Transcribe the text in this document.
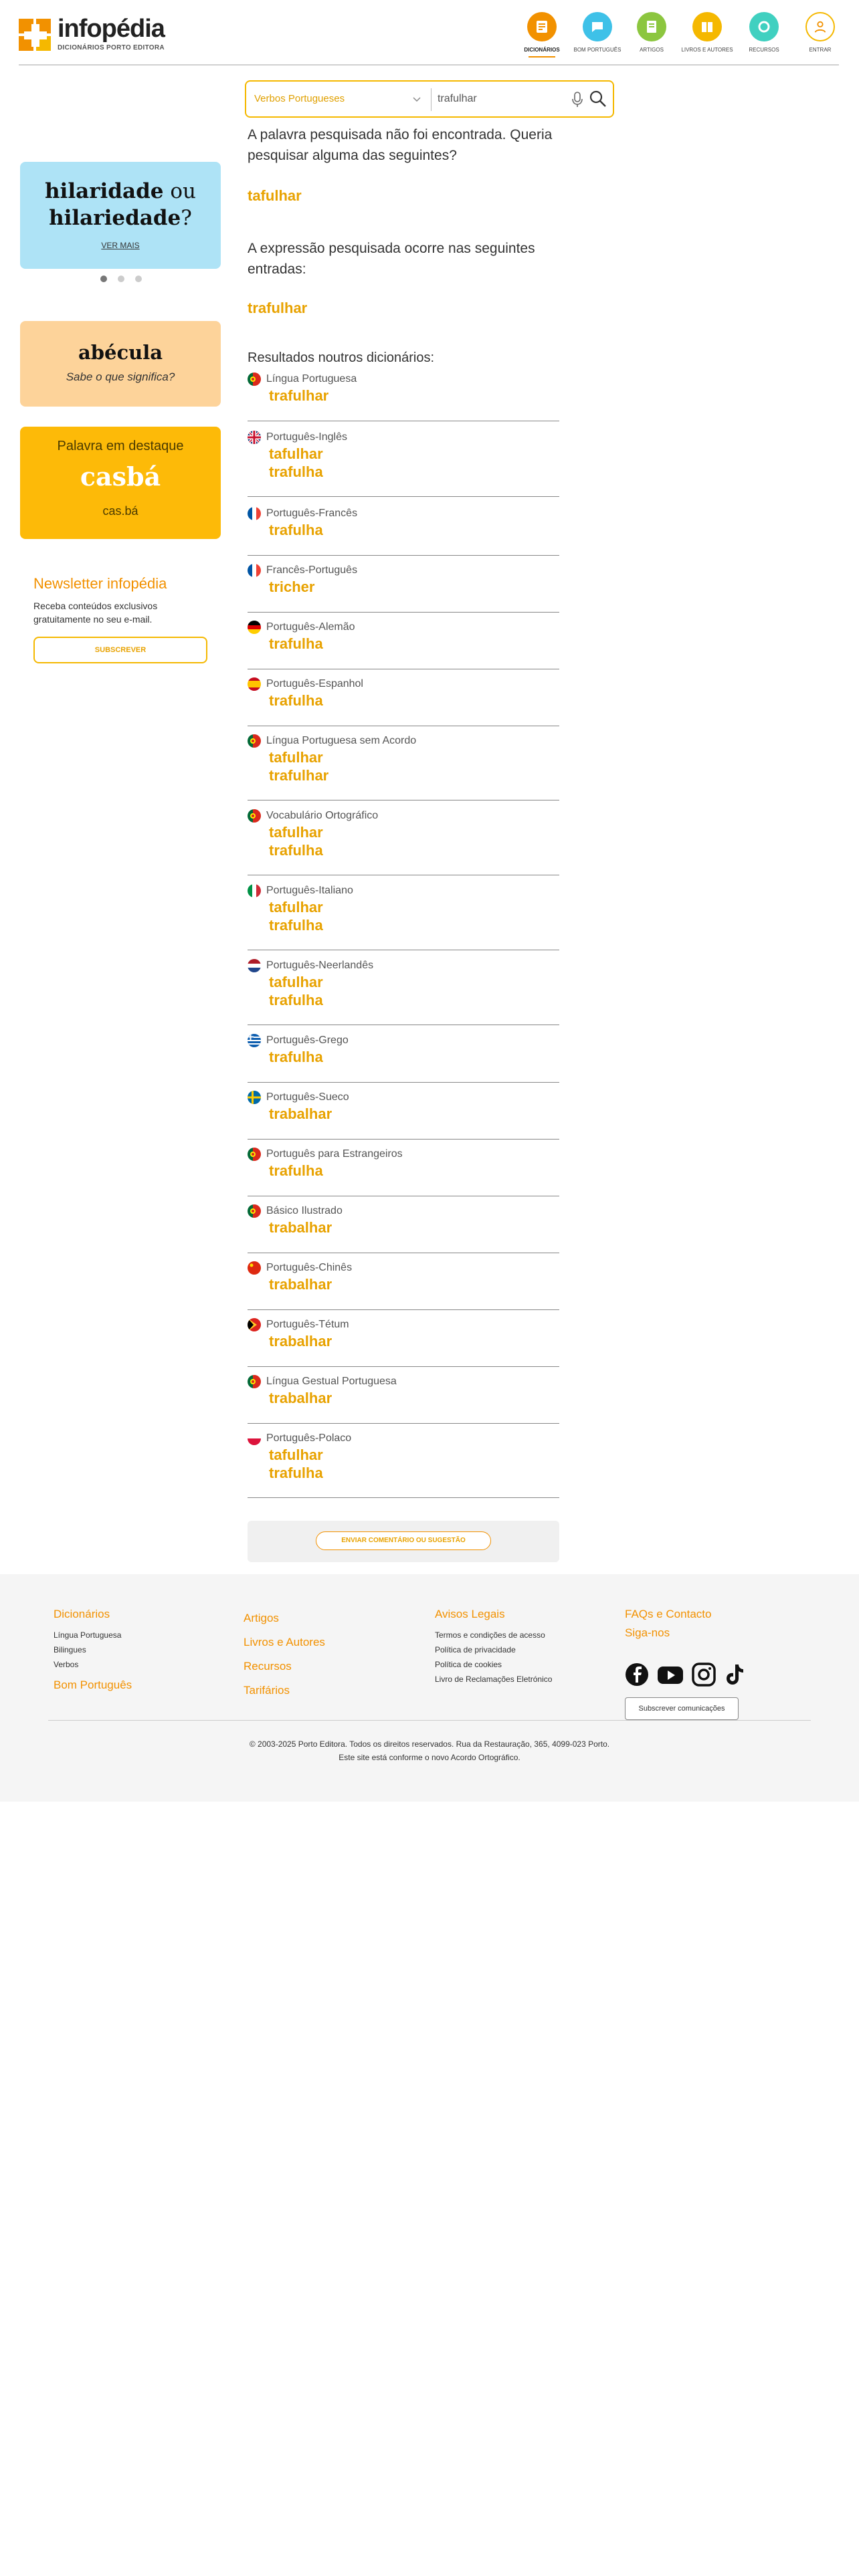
infopédia
DICIONÁRIOS PORTO EDITORA	DICIONÁRIOS	BOM PORTUGUÊS	ARTIGOS	LIVROS E AUTORES	RECURSOS	ENTRAR
Verbos Portugueses	trafulhar

A palavra pesquisada não foi encontrada. Queria pesquisar alguma das seguintes?

tafulhar

A expressão pesquisada ocorre nas seguintes entradas:

trafulhar
Resultados noutros dicionários:
Língua Portuguesa
trafulhar
Português-Inglês
tafulhar
trafulha
Português-Francês
trafulha
Francês-Português
tricher
Português-Alemão
trafulha
Português-Espanhol
trafulha
Língua Portuguesa sem Acordo
tafulhar
trafulhar
Vocabulário Ortográfico
tafulhar
trafulha
Português-Italiano
tafulhar
trafulha
Português-Neerlandês
tafulhar
trafulha
Português-Grego
trafulha
Português-Sueco
trabalhar
Português para Estrangeiros
trafulha
Básico Ilustrado
trabalhar
Português-Chinês
trabalhar
Português-Tétum
trabalhar
Língua Gestual Portuguesa
trabalhar
Português-Polaco
tafulhar
trafulha
ENVIAR COMENTÁRIO OU SUGESTÃO
hilaridade ou
hilariedade?
VER MAIS
abécula
Sabe o que significa?
Palavra em destaque
casbá
cas.bá
Newsletter infopédia
Receba conteúdos exclusivos gratuitamente no seu e-mail.
SUBSCREVER
Dicionários
Língua Portuguesa
Bilingues
Verbos
Bom Português
Artigos
Livros e Autores
Recursos
Tarifários
Avisos Legais
Termos e condições de acesso
Política de privacidade
Política de cookies
Livro de Reclamações Eletrónico
FAQs e Contacto
Siga-nos
Subscrever comunicações
© 2003-2025 Porto Editora. Todos os direitos reservados. Rua da Restauração, 365, 4099-023 Porto.
Este site está conforme o novo Acordo Ortográfico.
